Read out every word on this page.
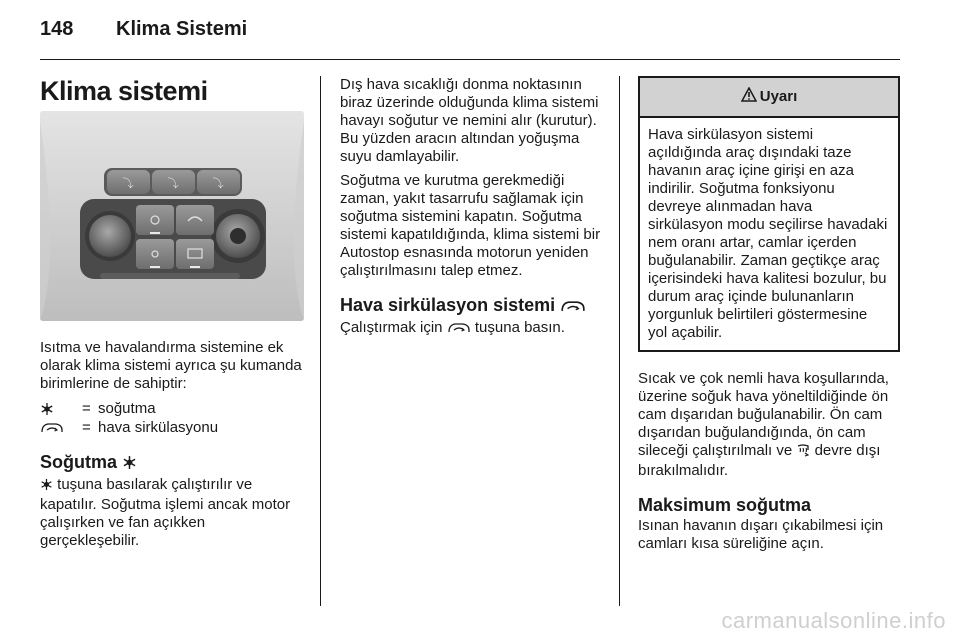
148 Klima Sistemi
Klima sistemi
⤵	⤵	⤵

Isıtma ve havalandırma sistemine ek olarak klima sistemi ayrıca şu kumanda birimlerine de sahiptir:

= soğutma
= hava sirkülasyonu
Soğutma

tuşuna basılarak çalıştırılır ve kapatılır. Soğutma işlemi ancak motor çalışırken ve fan açıkken gerçekleşebilir.

Dış hava sıcaklığı donma noktasının biraz üzerinde olduğunda klima sistemi havayı soğutur ve nemini alır (kurutur). Bu yüzden aracın altından yoğuşma suyu damlayabilir.

Soğutma ve kurutma gerekmediği zaman, yakıt tasarrufu sağlamak için soğutma sistemini kapatın. Soğutma sistemi kapatıldığında, klima sistemi bir Autostop esnasında motorun yeniden çalıştırılmasını talep etmez.

Hava sirkülasyon sistemi

Çalıştırmak için tuşuna basın.

Uyarı
Hava sirkülasyon sistemi açıldığında araç dışındaki taze havanın araç içine girişi en aza indirilir. Soğutma fonksiyonu devreye alınmadan hava sirkülasyon modu seçilirse havadaki nem oranı artar, camlar içerden buğulanabilir. Zaman geçtikçe araç içerisindeki hava kalitesi bozulur, bu durum araç içinde bulunanların yorgunluk belirtileri göstermesine yol açabilir.

Sıcak ve çok nemli hava koşullarında, üzerine soğuk hava yöneltildiğinde ön cam dışarıdan buğulanabilir. Ön cam dışarıdan buğulandığında, ön cam sileceği çalıştırılmalı ve devre dışı bırakılmalıdır.

Maksimum soğutma

Isınan havanın dışarı çıkabilmesi için camları kısa süreliğine açın.

carmanualsonline.info
